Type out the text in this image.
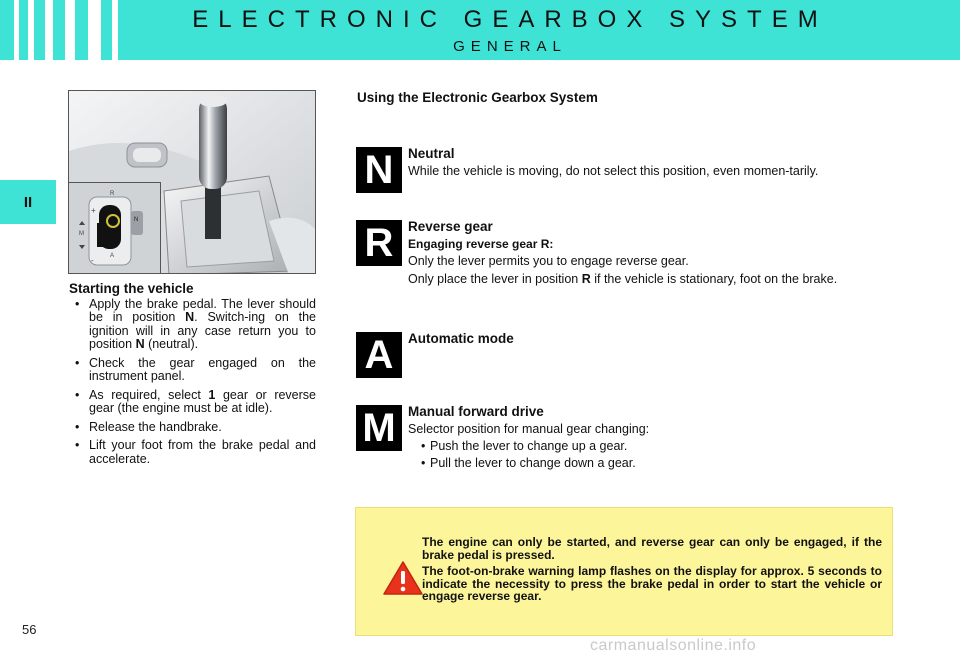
ELECTRONIC GEARBOX SYSTEM
GENERAL
II	R
+
M
-	A
N
Starting the vehicle
• Apply the brake pedal. The lever should be in position N. Switch-ing on the ignition will in any case return you to position N (neutral).
• Check the gear engaged on the instrument panel.
• As required, select 1 gear or reverse gear (the engine must be at idle).
• Release the handbrake.
• Lift your foot from the brake pedal and accelerate.
Using the Electronic Gearbox System
N	Neutral

While the vehicle is moving, do not select this position, even momen-tarily.

R	Reverse gear
Engaging reverse gear R:

Only the lever permits you to engage reverse gear.

Only place the lever in position R if the vehicle is stationary, foot on the brake.

A	Automatic mode
M Manual forward drive

Selector position for manual gear changing:

• Push the lever to change up a gear.
• Pull the lever to change down a gear.

The engine can only be started, and reverse gear can only be engaged, if the brake pedal is pressed.

The foot-on-brake warning lamp flashes on the display for approx. 5 seconds to indicate the necessity to press the brake pedal in order to start the vehicle or engage reverse gear.

56
carmanualsonline.info
